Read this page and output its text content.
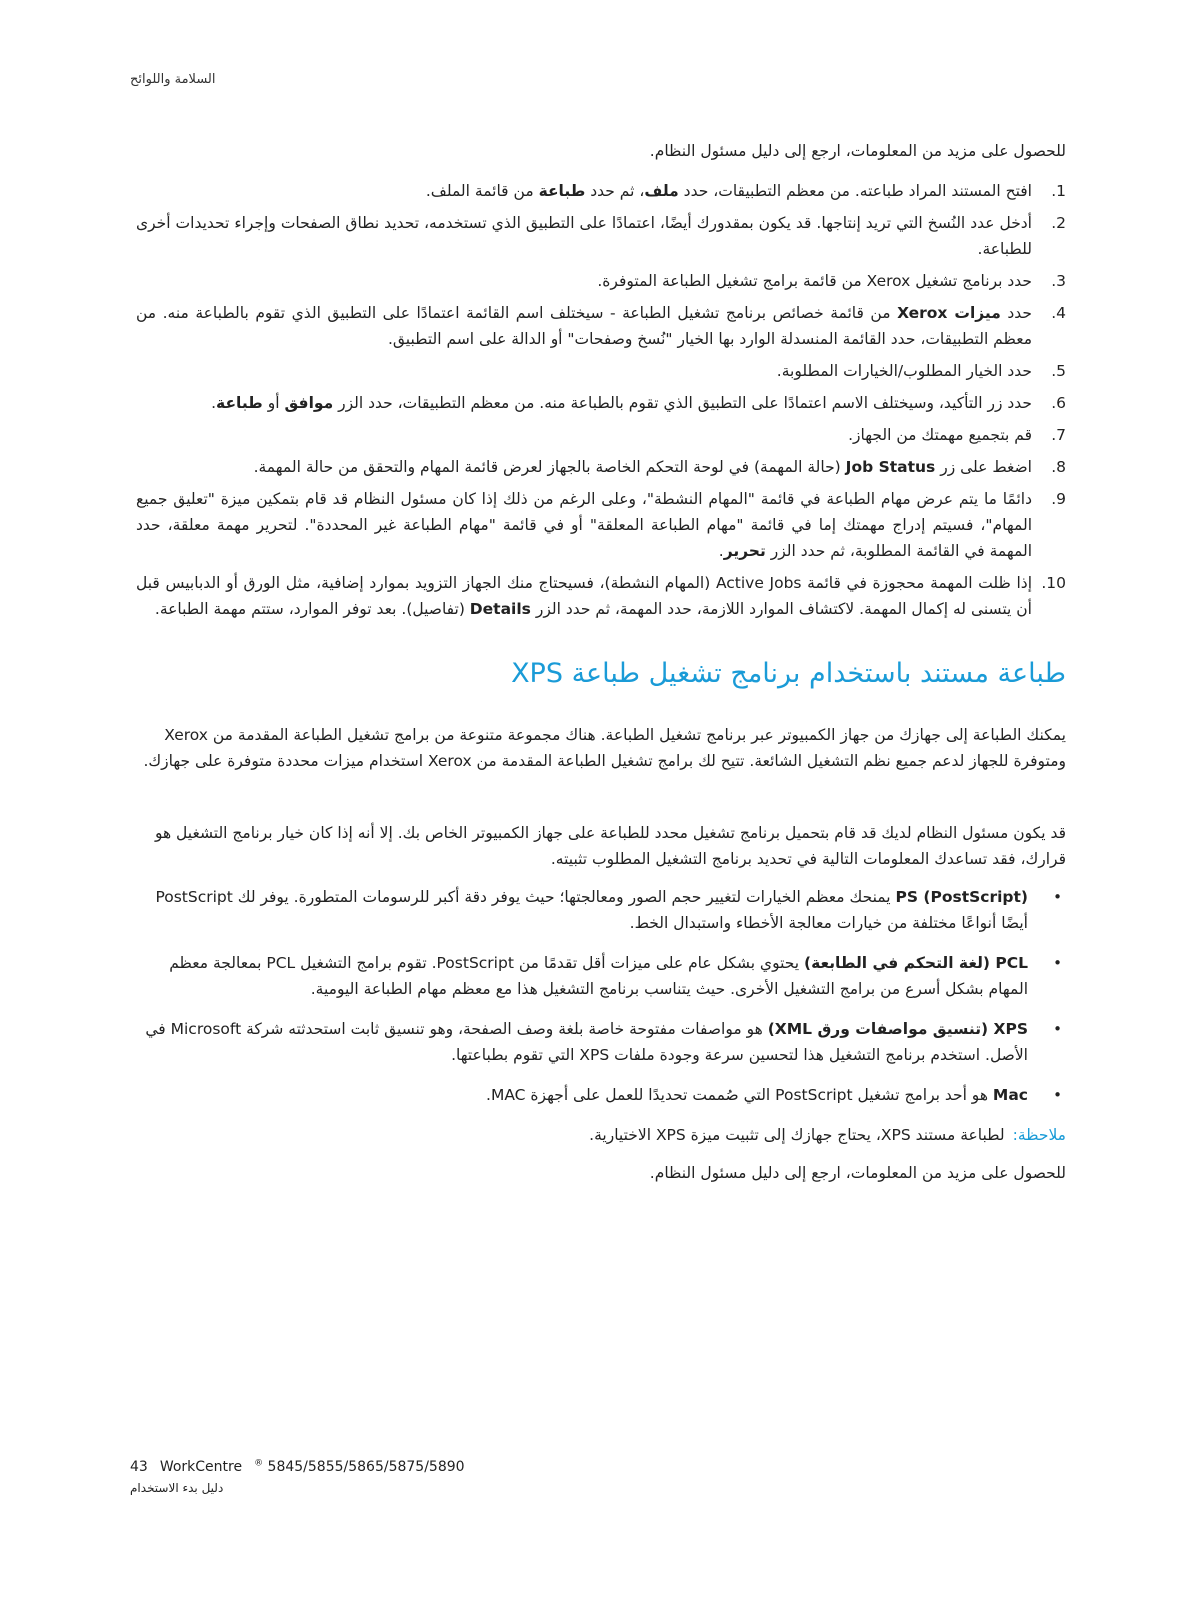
السلامة واللوائح

للحصول على مزيد من المعلومات، ارجع إلى دليل مسئول النظام.

1.
افتح المستند المراد طباعته. من معظم التطبيقات، حدد ملف، ثم حدد طباعة من قائمة الملف.
2.
أدخل عدد النُسخ التي تريد إنتاجها. قد يكون بمقدورك أيضًا، اعتمادًا على التطبيق الذي تستخدمه، تحديد نطاق الصفحات وإجراء تحديدات أخرى للطباعة.
3.
حدد برنامج تشغيل Xerox من قائمة برامج تشغيل الطباعة المتوفرة.
4.
حدد ميزات Xerox من قائمة خصائص برنامج تشغيل الطباعة - سيختلف اسم القائمة اعتمادًا على التطبيق الذي تقوم بالطباعة منه. من معظم التطبيقات، حدد القائمة المنسدلة الوارد بها الخيار "نُسخ وصفحات" أو الدالة على اسم التطبيق.
5.
حدد الخيار المطلوب/الخيارات المطلوبة.
6.
حدد زر التأكيد، وسيختلف الاسم اعتمادًا على التطبيق الذي تقوم بالطباعة منه. من معظم التطبيقات، حدد الزر موافق أو طباعة.
7.
قم بتجميع مهمتك من الجهاز.
8.
اضغط على زر Job Status (حالة المهمة) في لوحة التحكم الخاصة بالجهاز لعرض قائمة المهام والتحقق من حالة المهمة.
9.
دائمًا ما يتم عرض مهام الطباعة في قائمة "المهام النشطة"، وعلى الرغم من ذلك إذا كان مسئول النظام قد قام بتمكين ميزة "تعليق جميع المهام"، فسيتم إدراج مهمتك إما في قائمة "مهام الطباعة المعلقة" أو في قائمة "مهام الطباعة غير المحددة". لتحرير مهمة معلقة، حدد المهمة في القائمة المطلوبة، ثم حدد الزر تحرير.
10.
إذا ظلت المهمة محجوزة في قائمة Active Jobs (المهام النشطة)، فسيحتاج منك الجهاز التزويد بموارد إضافية، مثل الورق أو الدبابيس قبل أن يتسنى له إكمال المهمة. لاكتشاف الموارد اللازمة، حدد المهمة، ثم حدد الزر Details (تفاصيل). بعد توفر الموارد، ستتم مهمة الطباعة.
طباعة مستند باستخدام برنامج تشغيل طباعة XPS

يمكنك الطباعة إلى جهازك من جهاز الكمبيوتر عبر برنامج تشغيل الطباعة. هناك مجموعة متنوعة من برامج تشغيل الطباعة المقدمة من Xerox ومتوفرة للجهاز لدعم جميع نظم التشغيل الشائعة. تتيح لك برامج تشغيل الطباعة المقدمة من Xerox استخدام ميزات محددة متوفرة على جهازك.

قد يكون مسئول النظام لديك قد قام بتحميل برنامج تشغيل محدد للطباعة على جهاز الكمبيوتر الخاص بك. إلا أنه إذا كان خيار برنامج التشغيل هو قرارك، فقد تساعدك المعلومات التالية في تحديد برنامج التشغيل المطلوب تثبيته.

•
PS (PostScript) يمنحك معظم الخيارات لتغيير حجم الصور ومعالجتها؛ حيث يوفر دقة أكبر للرسومات المتطورة. يوفر لك PostScript أيضًا أنواعًا مختلفة من خيارات معالجة الأخطاء واستبدال الخط.
•
PCL (لغة التحكم في الطابعة) يحتوي بشكل عام على ميزات أقل تقدمًا من PostScript. تقوم برامج التشغيل PCL بمعالجة معظم المهام بشكل أسرع من برامج التشغيل الأخرى. حيث يتناسب برنامج التشغيل هذا مع معظم مهام الطباعة اليومية.
•
XPS (تنسيق مواصفات ورق XML) هو مواصفات مفتوحة خاصة بلغة وصف الصفحة، وهو تنسيق ثابت استحدثته شركة Microsoft في الأصل. استخدم برنامج التشغيل هذا لتحسين سرعة وجودة ملفات XPS التي تقوم بطباعتها.
•
Mac هو أحد برامج تشغيل PostScript التي صُممت تحديدًا للعمل على أجهزة MAC.

ملاحظة:لطباعة مستند XPS، يحتاج جهازك إلى تثبيت ميزة XPS الاختيارية.

للحصول على مزيد من المعلومات، ارجع إلى دليل مسئول النظام.

43 WorkCentre ® 5845/5855/5865/5875/5890
دليل بدء الاستخدام
